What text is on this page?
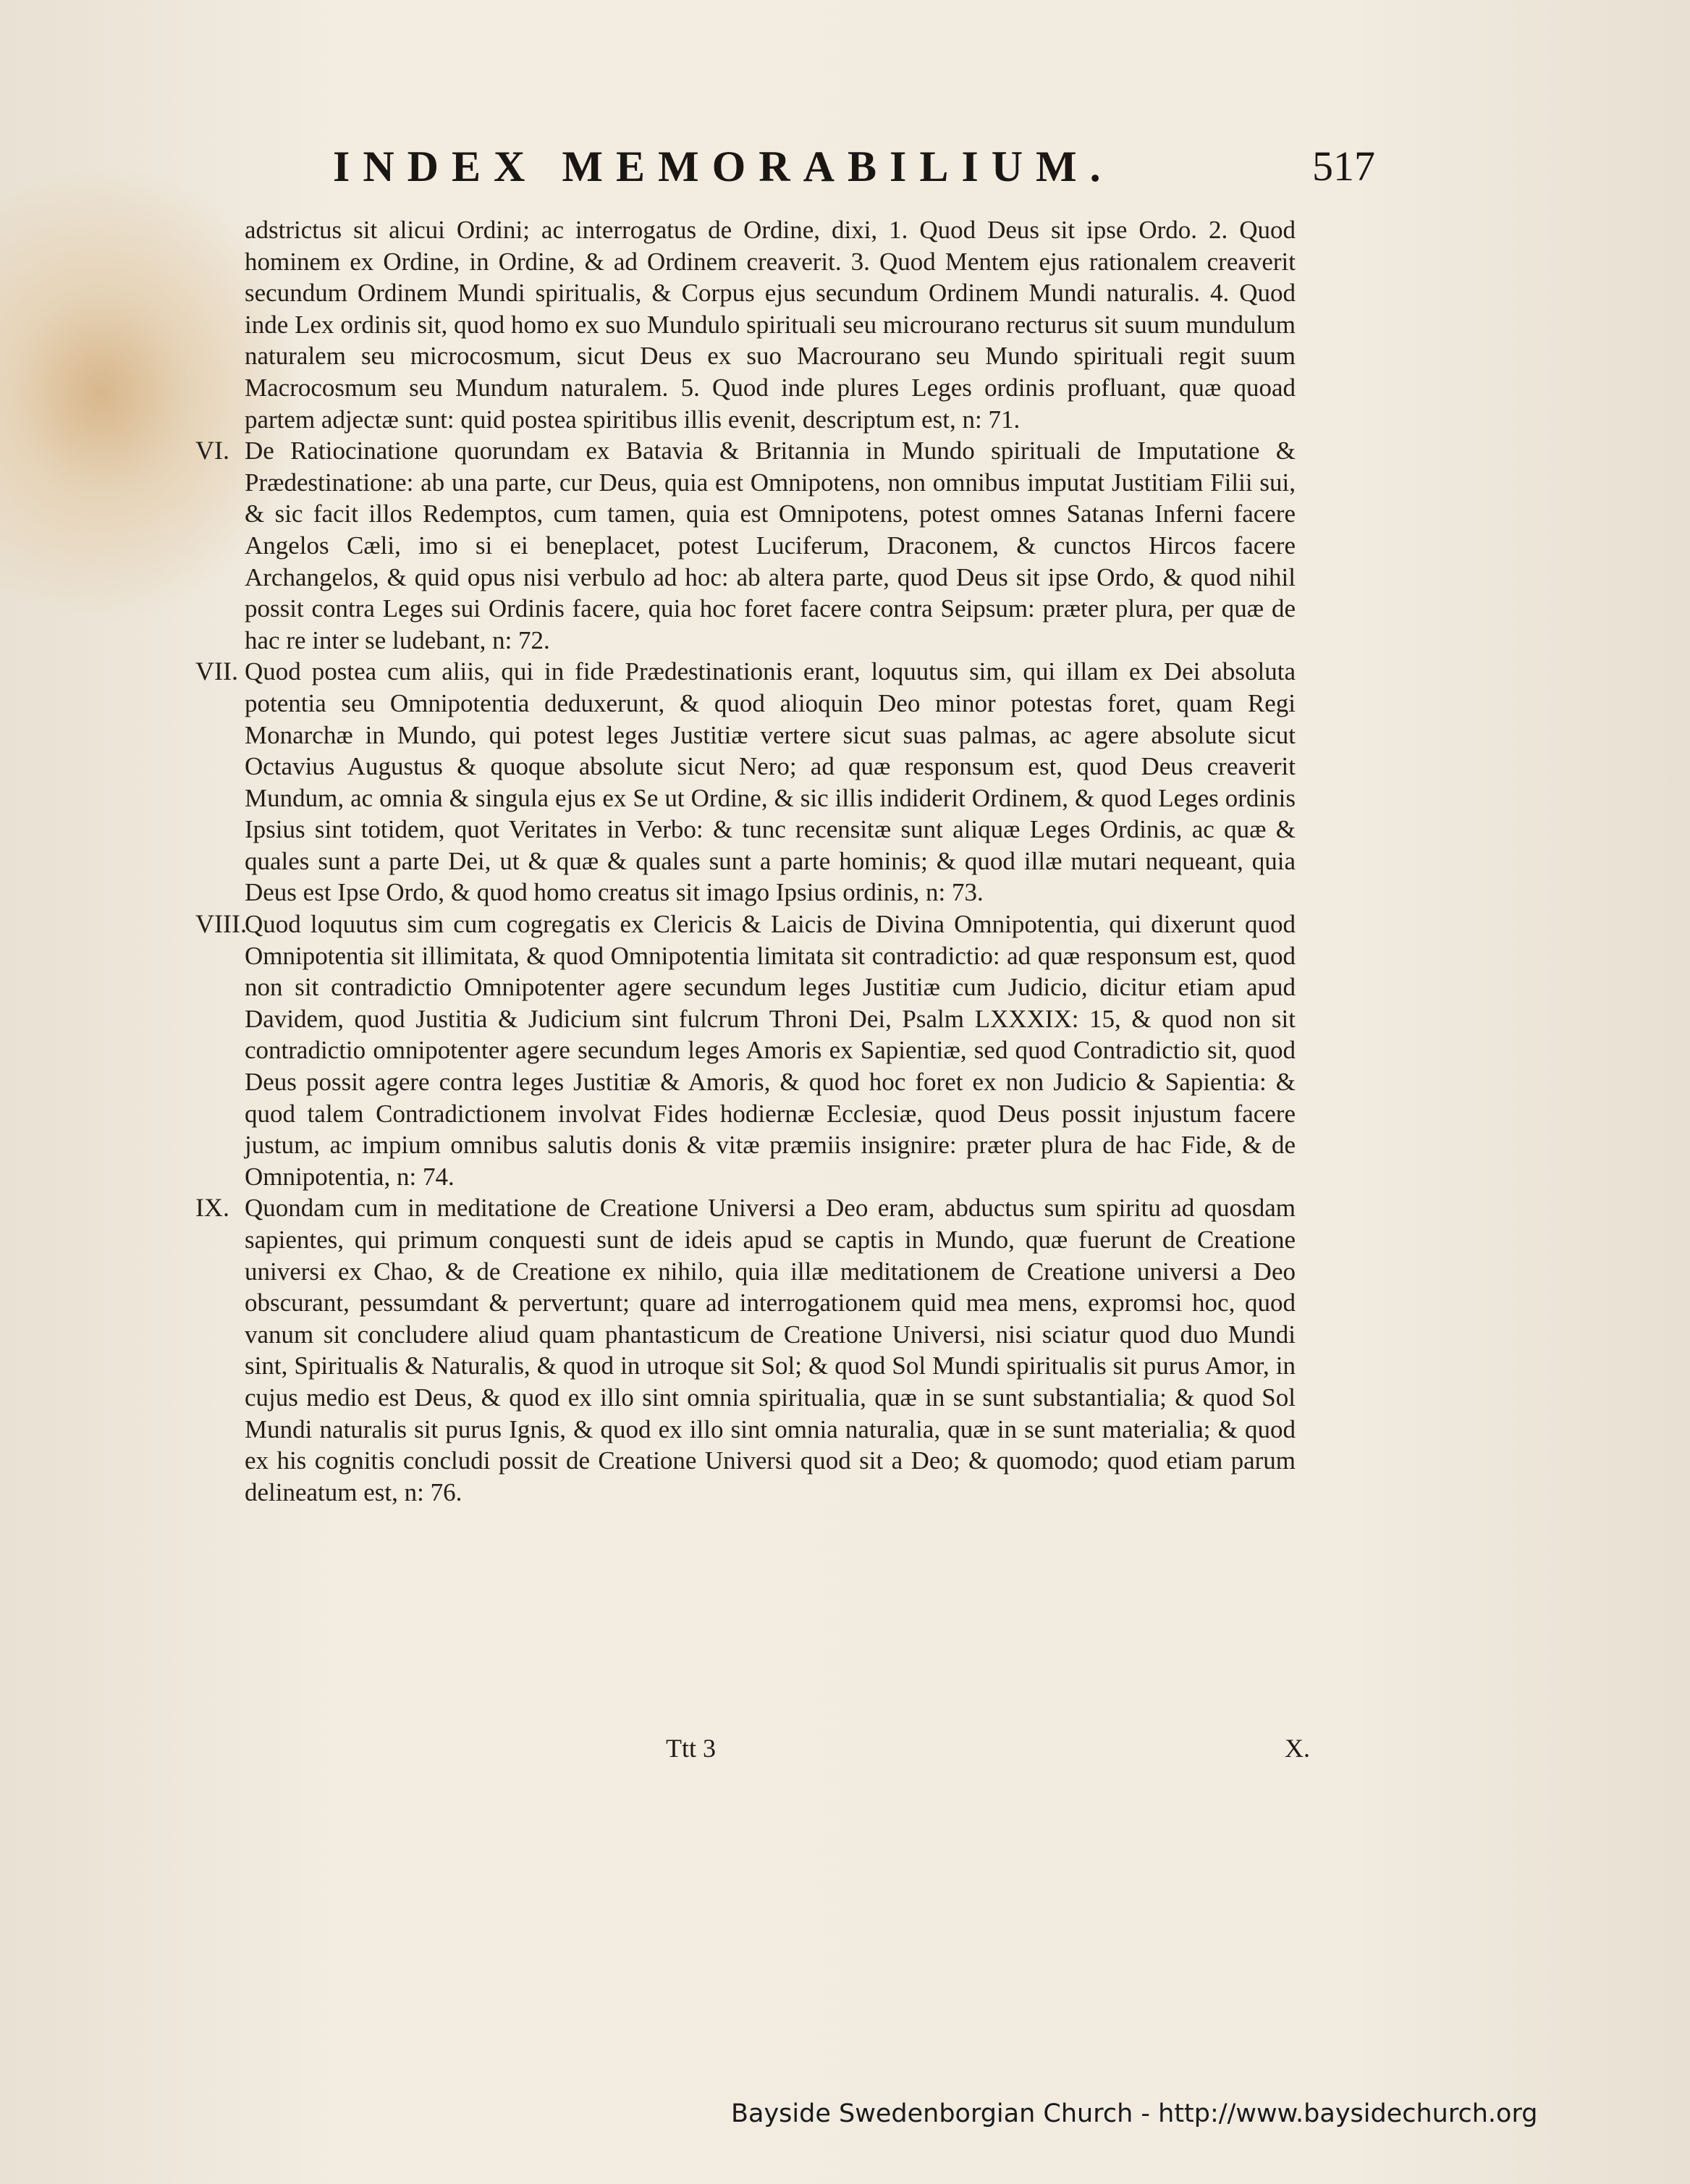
INDEX MEMORABILIUM.	517

adstrictus sit alicui Ordini; ac interrogatus de Ordine, dixi, 1. Quod Deus sit ipse Ordo. 2. Quod hominem ex Ordine, in Ordine, & ad Ordinem creaverit. 3. Quod Mentem ejus rationalem creaverit secundum Ordinem Mundi spiritualis, & Corpus ejus secundum Ordinem Mundi naturalis. 4. Quod inde Lex ordinis sit, quod homo ex suo Mundulo spirituali seu microurano recturus sit suum mundulum naturalem seu microcosmum, sicut Deus ex suo Macrourano seu Mundo spirituali regit suum Macrocosmum seu Mundum naturalem. 5. Quod inde plures Leges ordinis profluant, quæ quoad partem adjectæ sunt: quid postea spiritibus illis evenit, descriptum est, n: 71.

VI. De Ratiocinatione quorundam ex Batavia & Britannia in Mundo spirituali de Imputatione & Prædestinatione: ab una parte, cur Deus, quia est Omnipotens, non omnibus imputat Justitiam Filii sui, & sic facit illos Redemptos, cum tamen, quia est Omnipotens, potest omnes Satanas Inferni facere Angelos Cæli, imo si ei beneplacet, potest Luciferum, Draconem, & cunctos Hircos facere Archangelos, & quid opus nisi verbulo ad hoc: ab altera parte, quod Deus sit ipse Ordo, & quod nihil possit contra Leges sui Ordinis facere, quia hoc foret facere contra Seipsum: præter plura, per quæ de hac re inter se ludebant, n: 72.
VII. Quod postea cum aliis, qui in fide Prædestinationis erant, loquutus sim, qui illam ex Dei absoluta potentia seu Omnipotentia deduxerunt, & quod alioquin Deo minor potestas foret, quam Regi Monarchæ in Mundo, qui potest leges Justitiæ vertere sicut suas palmas, ac agere absolute sicut Octavius Augustus & quoque absolute sicut Nero; ad quæ responsum est, quod Deus creaverit Mundum, ac omnia & singula ejus ex Se ut Ordine, & sic illis indiderit Ordinem, & quod Leges ordinis Ipsius sint totidem, quot Veritates in Verbo: & tunc recensitæ sunt aliquæ Leges Ordinis, ac quæ & quales sunt a parte Dei, ut & quæ & quales sunt a parte hominis; & quod illæ mutari nequeant, quia Deus est Ipse Ordo, & quod homo creatus sit imago Ipsius ordinis, n: 73.
VIII.
Quod loquutus sim cum cogregatis ex Clericis & Laicis de Divina Omnipotentia, qui dixerunt quod Omnipotentia sit illimitata, & quod Omnipotentia limitata sit contradictio: ad quæ responsum est, quod non sit contradictio Omnipotenter agere secundum leges Justitiæ cum Judicio, dicitur etiam apud Davidem, quod Justitia & Judicium sint fulcrum Throni Dei, Psalm LXXXIX: 15, & quod non sit contradictio omnipotenter agere secundum leges Amoris ex Sapientiæ, sed quod Contradictio sit, quod Deus possit agere contra leges Justitiæ & Amoris, & quod hoc foret ex non Judicio & Sapientia: & quod talem Contradictionem involvat Fides hodiernæ Ecclesiæ, quod Deus possit injustum facere justum, ac impium omnibus salutis donis & vitæ præmiis insignire: præter plura de hac Fide, & de Omnipotentia, n: 74.
IX. Quondam cum in meditatione de Creatione Universi a Deo eram, abductus sum spiritu ad quosdam sapientes, qui primum conquesti sunt de ideis apud se captis in Mundo, quæ fuerunt de Creatione universi ex Chao, & de Creatione ex nihilo, quia illæ meditationem de Creatione universi a Deo obscurant, pessumdant & pervertunt; quare ad interrogationem quid mea mens, expromsi hoc, quod vanum sit concludere aliud quam phantasticum de Creatione Universi, nisi sciatur quod duo Mundi sint, Spiritualis & Naturalis, & quod in utroque sit Sol; & quod Sol Mundi spiritualis sit purus Amor, in cujus medio est Deus, & quod ex illo sint omnia spiritualia, quæ in se sunt substantialia; & quod Sol Mundi naturalis sit purus Ignis, & quod ex illo sint omnia naturalia, quæ in se sunt materialia; & quod ex his cognitis concludi possit de Creatione Universi quod sit a Deo; & quomodo; quod etiam parum delineatum est, n: 76.
Ttt 3	X.
Bayside Swedenborgian Church - http://www.baysidechurch.org
